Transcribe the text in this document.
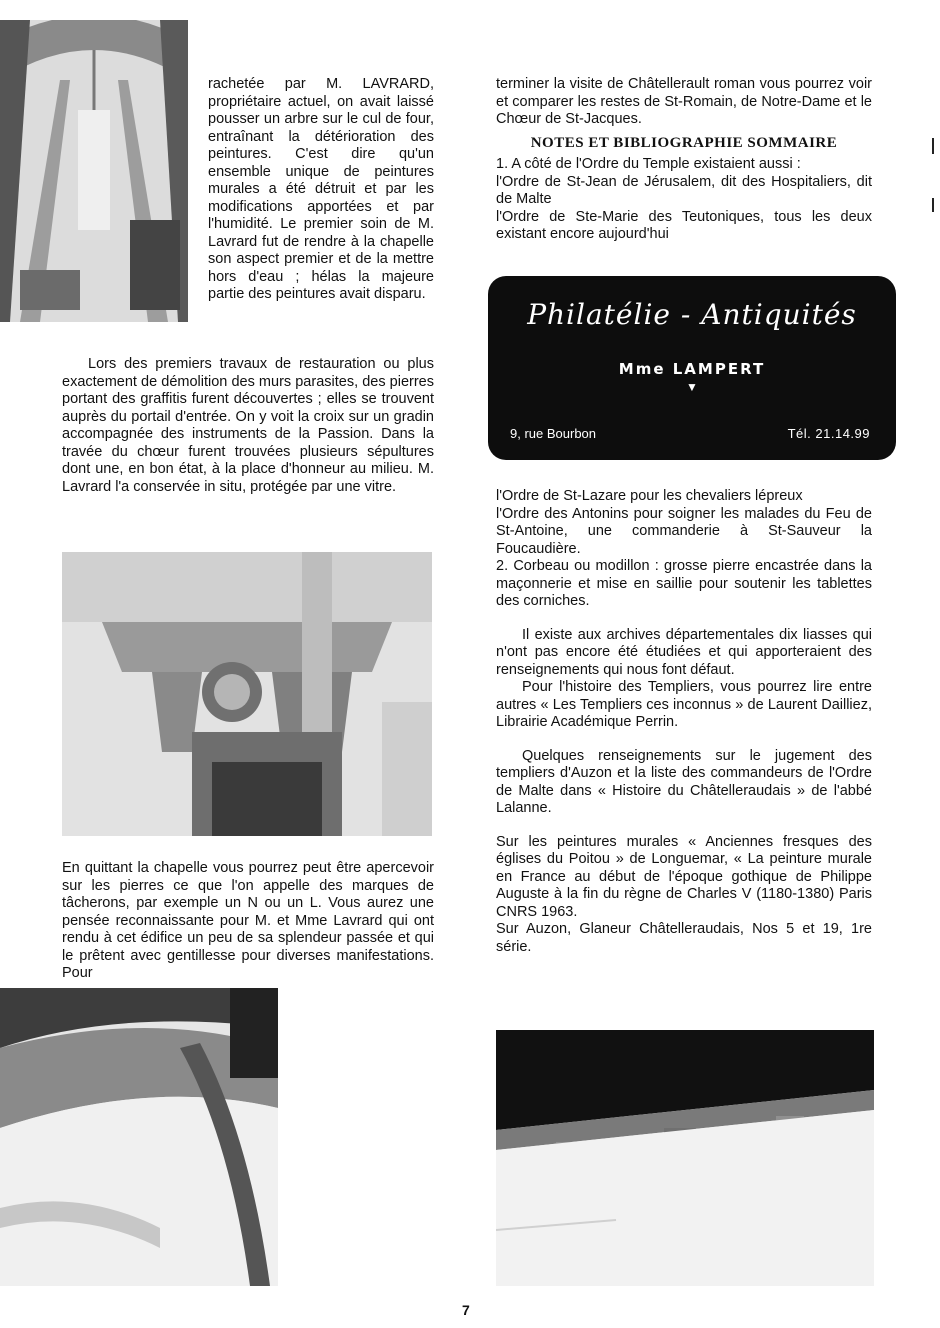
rachetée par M. LAVRARD, propriétaire actuel, on avait laissé pousser un arbre sur le cul de four, entraînant la détérioration des peintures. C'est dire qu'un ensemble unique de peintures murales a été détruit et par les modifications apportées et par l'humidité. Le premier soin de M. Lavrard fut de rendre à la chapelle son aspect premier et de la mettre hors d'eau ; hélas la majeure partie des peintures avait disparu.

Lors des premiers travaux de restauration ou plus exactement de démolition des murs parasites, des pierres portant des graffitis furent découvertes ; elles se trouvent auprès du portail d'entrée. On y voit la croix sur un gradin accompagnée des instruments de la Passion. Dans la travée du chœur furent trouvées plusieurs sépultures dont une, en bon état, à la place d'honneur au milieu. M. Lavrard l'a conservée in situ, protégée par une vitre.

En quittant la chapelle vous pourrez peut être apercevoir sur les pierres ce que l'on appelle des marques de tâcherons, par exemple un N ou un L. Vous aurez une pensée reconnaissante pour M. et Mme Lavrard qui ont rendu à cet édifice un peu de sa splendeur passée et qui le prêtent avec gentillesse pour diverses manifestations. Pour

terminer la visite de Châtellerault roman vous pourrez voir et comparer les restes de St-Romain, de Notre-Dame et le Chœur de St-Jacques.

NOTES ET BIBLIOGRAPHIE SOMMAIRE

1. A côté de l'Ordre du Temple existaient aussi :

l'Ordre de St-Jean de Jérusalem, dit des Hospitaliers, dit de Malte

l'Ordre de Ste-Marie des Teutoniques, tous les deux existant encore aujourd'hui

Philatélie - Antiquités
Mme LAMPERT
▼
9, rue Bourbon	Tél. 21.14.99

l'Ordre de St-Lazare pour les chevaliers lépreux

l'Ordre des Antonins pour soigner les malades du Feu de St-Antoine, une commanderie à St-Sauveur la Foucaudière.

2. Corbeau ou modillon : grosse pierre encastrée dans la maçonnerie et mise en saillie pour soutenir les tablettes des corniches.

Il existe aux archives départementales dix liasses qui n'ont pas encore été étudiées et qui apporteraient des renseignements qui nous font défaut.

Pour l'histoire des Templiers, vous pourrez lire entre autres « Les Templiers ces inconnus » de Laurent Dailliez, Librairie Académique Perrin.

Quelques renseignements sur le jugement des templiers d'Auzon et la liste des commandeurs de l'Ordre de Malte dans « Histoire du Châtelleraudais » de l'abbé Lalanne.

Sur les peintures murales « Anciennes fresques des églises du Poitou » de Longuemar, « La peinture murale en France au début de l'époque gothique de Philippe Auguste à la fin du règne de Charles V (1180-1380) Paris CNRS 1963.

Sur Auzon, Glaneur Châtelleraudais, Nos 5 et 19, 1re série.

7
